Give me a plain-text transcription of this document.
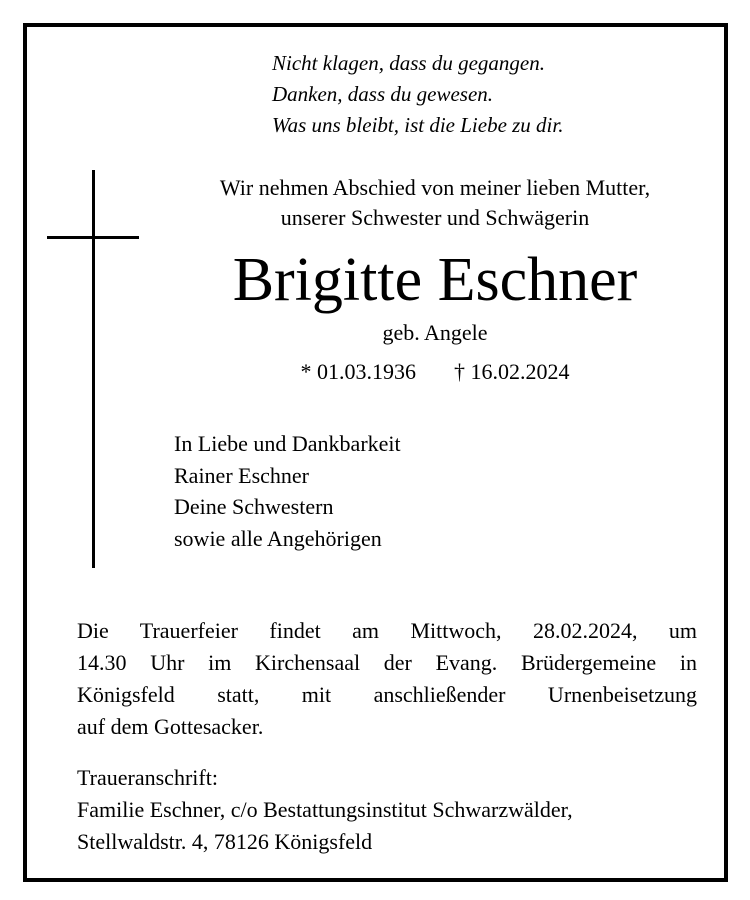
Nicht klagen, dass du gegangen.
Danken, dass du gewesen.
Was uns bleibt, ist die Liebe zu dir.
Wir nehmen Abschied von meiner lieben Mutter,
unserer Schwester und Schwägerin
Brigitte Eschner
geb. Angele
* 01.03.1936 † 16.02.2024
In Liebe und Dankbarkeit
Rainer Eschner
Deine Schwestern
sowie alle Angehörigen
Die Trauerfeier findet am Mittwoch, 28.02.2024, um
14.30 Uhr im Kirchensaal der Evang. Brüdergemeine in
Königsfeld statt, mit anschließender Urnenbeisetzung
auf dem Gottesacker.
Traueranschrift:
Familie Eschner, c/o Bestattungsinstitut Schwarzwälder,
Stellwaldstr. 4, 78126 Königsfeld
